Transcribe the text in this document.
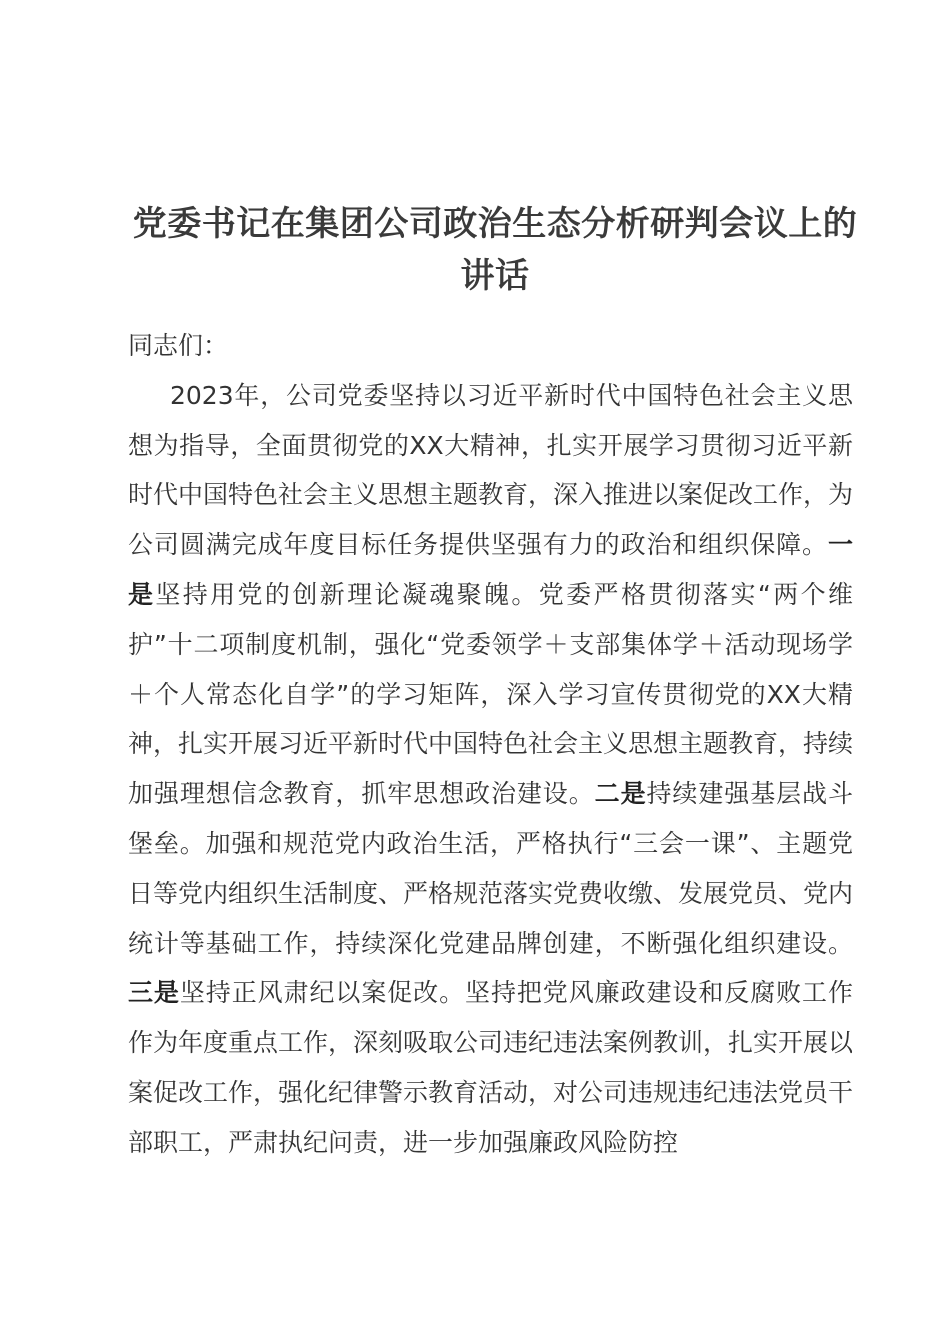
党委书记在集团公司政治生态分析研判会议上的
讲话

同志们：

2023年，公司党委坚持以习近平新时代中国特色社会主义思想为指导，全面贯彻党的XX大精神，扎实开展学习贯彻习近平新时代中国特色社会主义思想主题教育，深入推进以案促改工作，为公司圆满完成年度目标任务提供坚强有力的政治和组织保障。一是坚持用党的创新理论凝魂聚魄。党委严格贯彻落实“两个维护”十二项制度机制，强化“党委领学＋支部集体学＋活动现场学＋个人常态化自学”的学习矩阵，深入学习宣传贯彻党的XX大精神，扎实开展习近平新时代中国特色社会主义思想主题教育，持续加强理想信念教育，抓牢思想政治建设。二是持续建强基层战斗堡垒。加强和规范党内政治生活，严格执行“三会一课”、主题党日等党内组织生活制度、严格规范落实党费收缴、发展党员、党内统计等基础工作，持续深化党建品牌创建，不断强化组织建设。三是坚持正风肃纪以案促改。坚持把党风廉政建设和反腐败工作作为年度重点工作，深刻吸取公司违纪违法案例教训，扎实开展以案促改工作，强化纪律警示教育活动，对公司违规违纪违法党员干部职工，严肃执纪问责，进一步加强廉政风险防控
